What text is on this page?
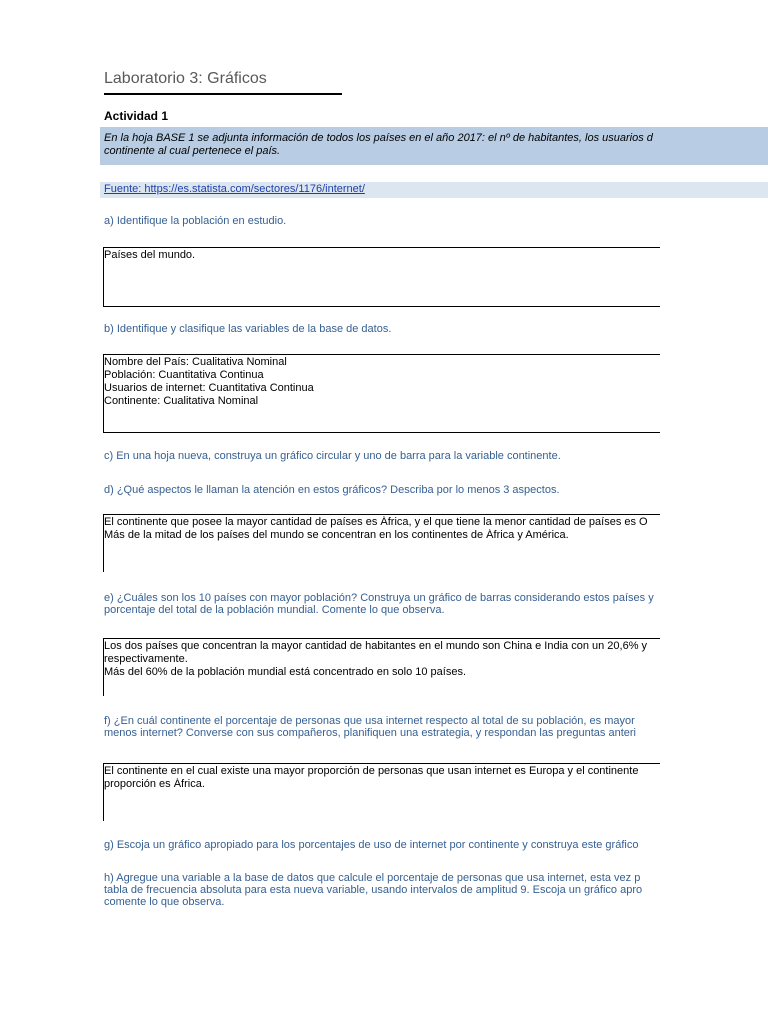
Laboratorio 3: Gráficos
Actividad 1
En la hoja BASE 1 se adjunta información de todos los países en el año 2017: el nº de habitantes, los usuarios d
continente al cual pertenece el país.
Fuente: https://es.statista.com/sectores/1176/internet/
a) Identifique la población en estudio.
Países del mundo.
b) Identifique y clasifique las variables de la base de datos.
Nombre del País: Cualitativa Nominal
Población: Cuantitativa Continua
Usuarios de internet: Cuantitativa Continua
Continente: Cualitativa Nominal
c) En una hoja nueva, construya un gráfico circular y uno de barra para la variable continente.
d) ¿Qué aspectos le llaman la atención en estos gráficos? Describa por lo menos 3 aspectos.
El continente que posee la mayor cantidad de países es África, y el que tiene la menor cantidad de países es O
Más de la mitad de los países del mundo se concentran en los continentes de África y América.
e) ¿Cuáles son los 10 países con mayor población? Construya un gráfico de barras considerando estos países y
porcentaje del total de la población mundial. Comente lo que observa.
Los dos países que concentran la mayor cantidad de habitantes en el mundo son China e India con un 20,6% y
respectivamente.
Más del 60% de la población mundial está concentrado en solo 10 países.
f) ¿En cuál continente el porcentaje de personas que usa internet respecto al total de su población, es mayor
menos internet? Converse con sus compañeros, planifiquen una estrategia, y respondan las preguntas anteri
El continente en el cual existe una mayor proporción de personas que usan internet es Europa y el continente
proporción es África.
g) Escoja un gráfico apropiado para los porcentajes de uso de internet por continente y construya este gráfico
h) Agregue una variable a la base de datos que calcule el porcentaje de personas que usa internet, esta vez p
tabla de frecuencia absoluta para esta nueva variable, usando intervalos de amplitud 9. Escoja un gráfico apro
comente lo que observa.
